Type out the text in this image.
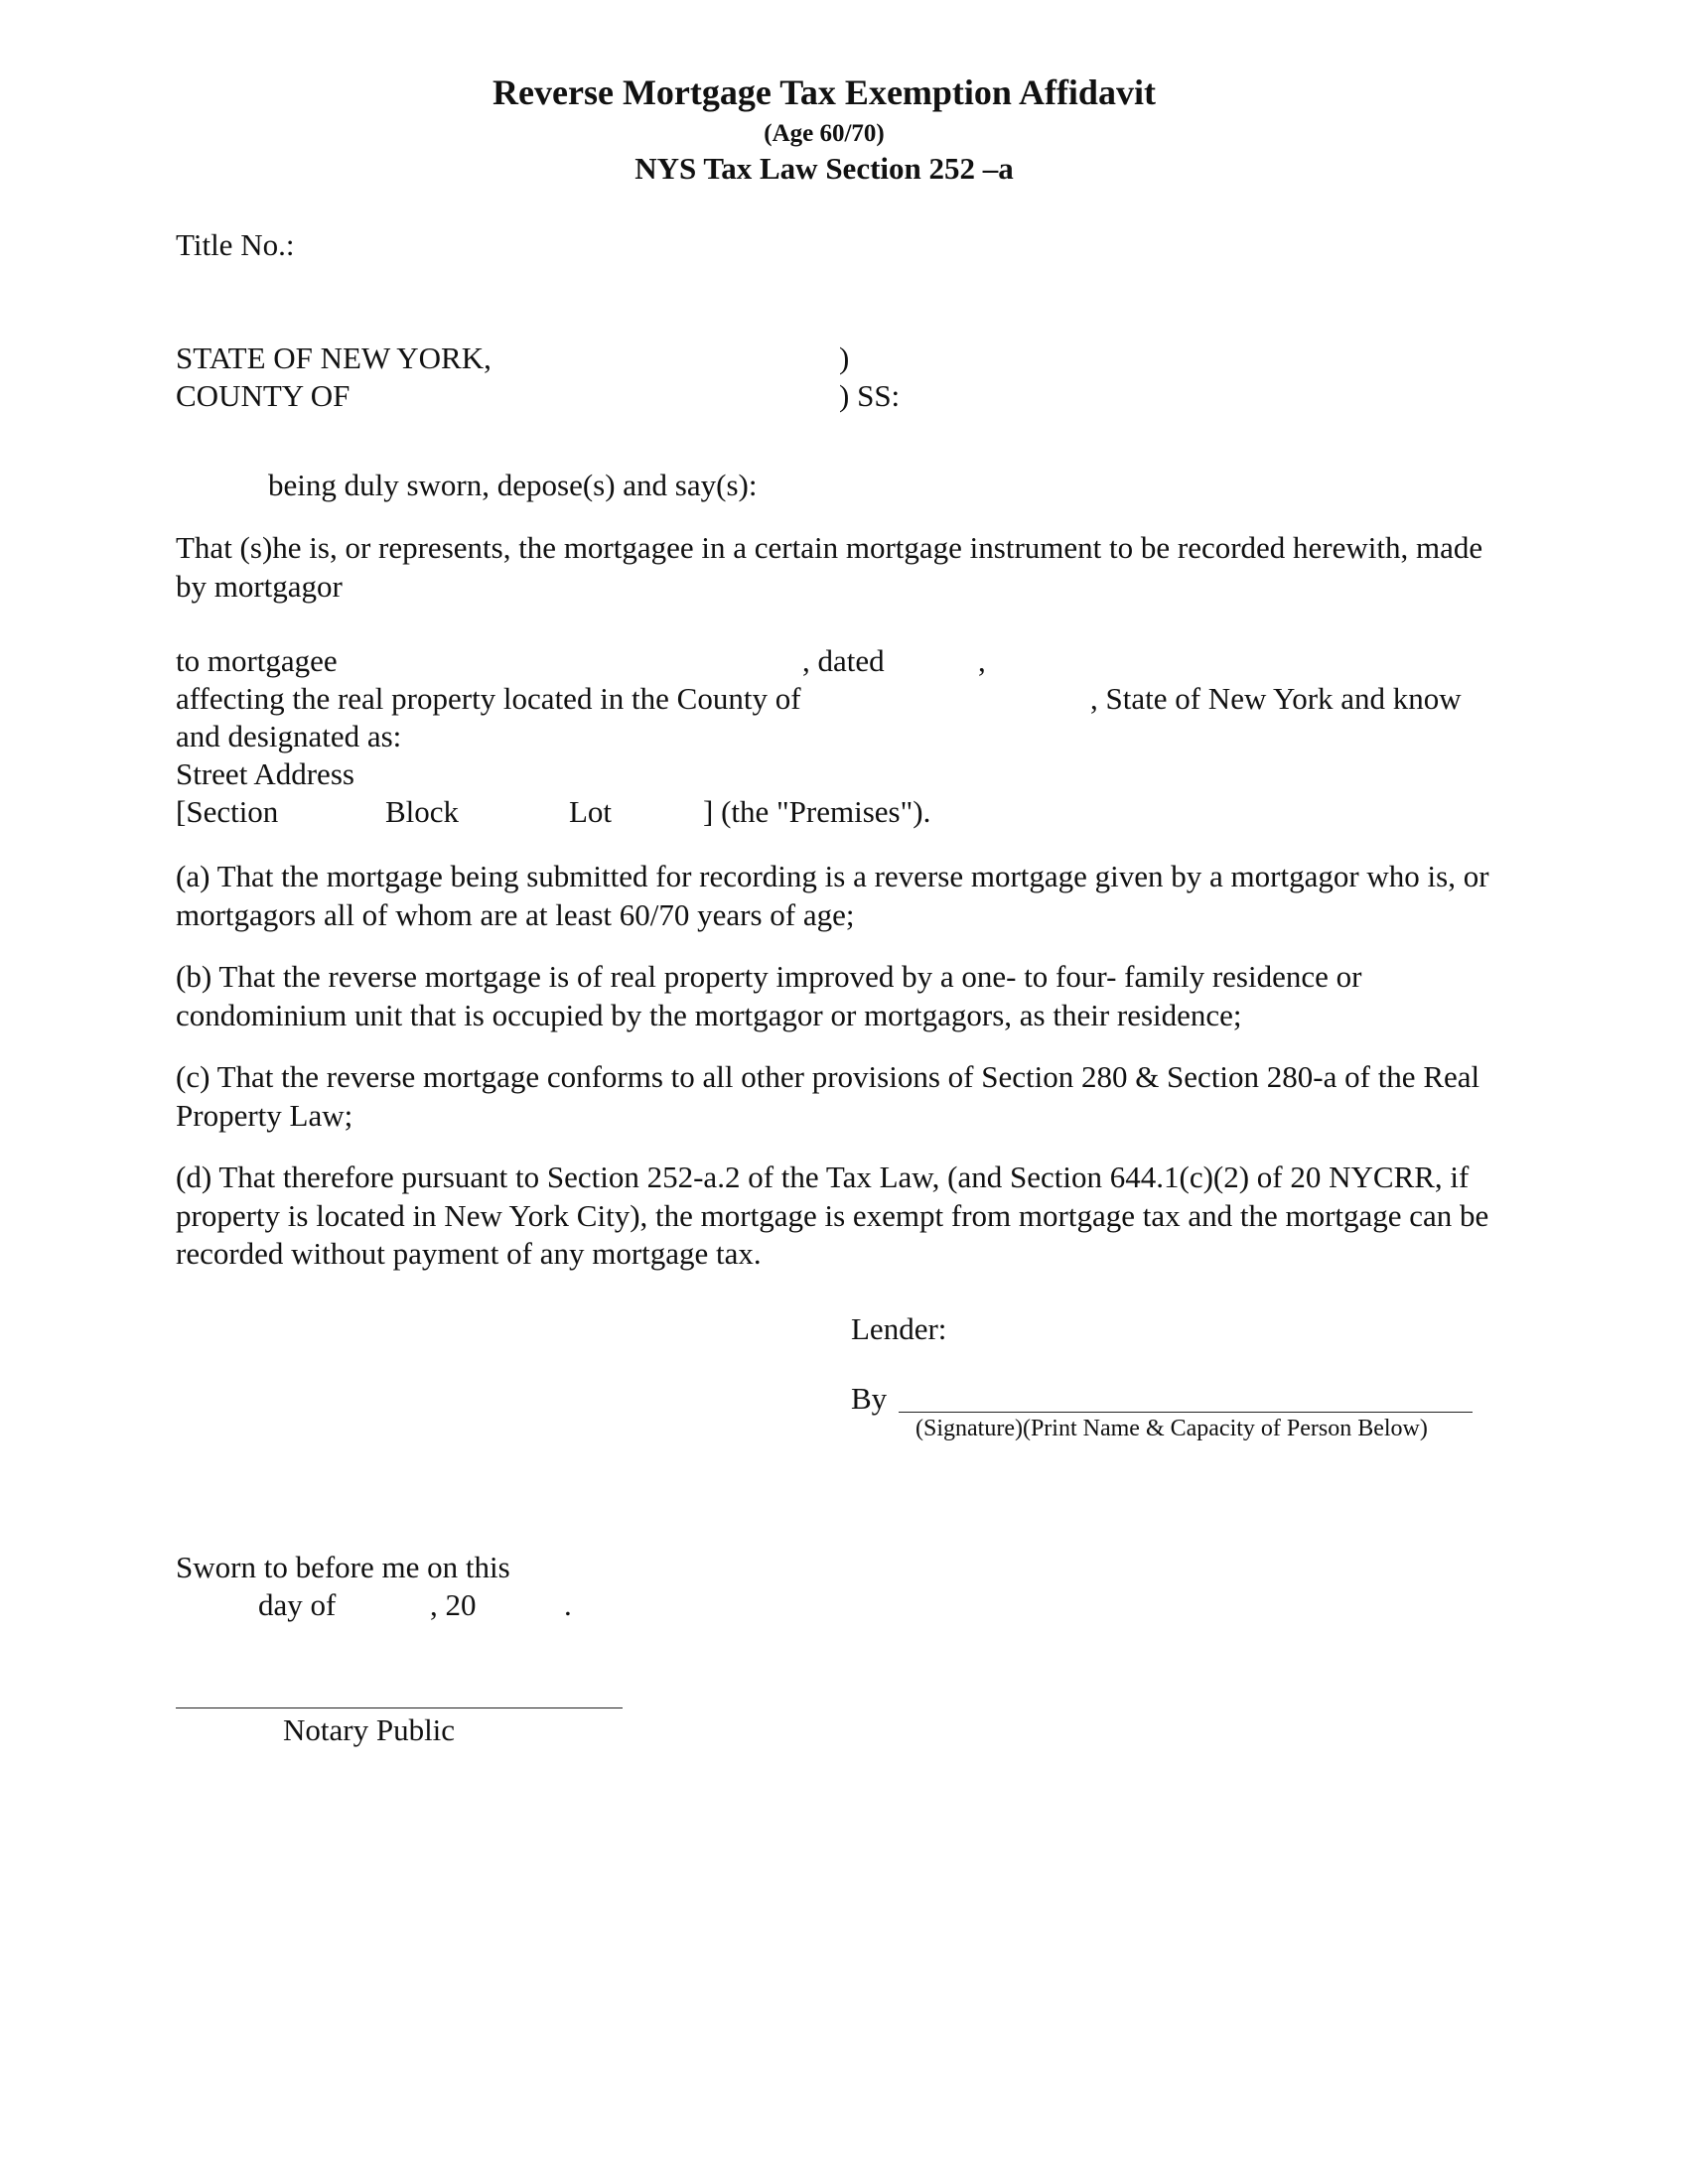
Reverse Mortgage Tax Exemption Affidavit
(Age 60/70)
NYS Tax Law Section 252 –a
Title No.:
STATE OF NEW YORK,	)
COUNTY OF	) SS:
being duly sworn, depose(s) and say(s):
That (s)he is, or represents, the mortgagee in a certain mortgage instrument to be recorded herewith, made by mortgagor
to mortgagee	, dated	,
affecting the real property located in the County of	, State of New York and know
and designated as:
Street Address
[Section	Block	Lot	] (the "Premises").
(a) That the mortgage being submitted for recording is a reverse mortgage given by a mortgagor who is, or mortgagors all of whom are at least 60/70 years of age;
(b) That the reverse mortgage is of real property improved by a one- to four- family residence or condominium unit that is occupied by the mortgagor or mortgagors, as their residence;
(c) That the reverse mortgage conforms to all other provisions of Section 280 & Section 280-a of the Real Property Law;
(d) That therefore pursuant to Section 252-a.2 of the Tax Law, (and Section 644.1(c)(2) of 20 NYCRR, if property is located in New York City), the mortgage is exempt from mortgage tax and the mortgage can be recorded without payment of any mortgage tax.
Lender:
By
(Signature)(Print Name & Capacity of Person Below)
Sworn to before me on this
day of	, 20	.
Notary Public
